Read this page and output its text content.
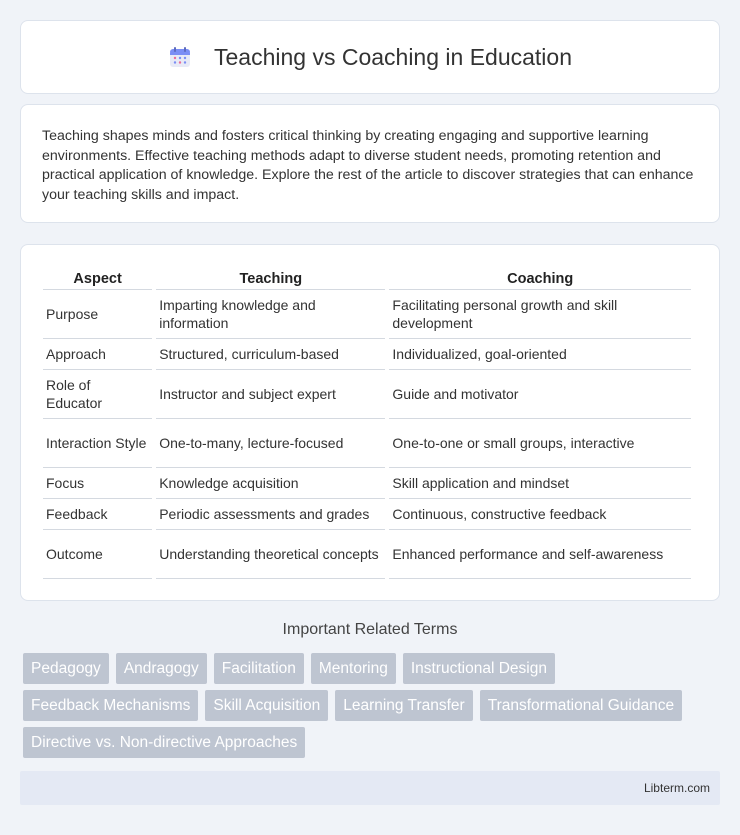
Teaching vs Coaching in Education

Teaching shapes minds and fosters critical thinking by creating engaging and supportive learning environments. Effective teaching methods adapt to diverse student needs, promoting retention and practical application of knowledge. Explore the rest of the article to discover strategies that can enhance your teaching skills and impact.

Aspect	Teaching	Coaching
Purpose	Imparting knowledge and information	Facilitating personal growth and skill development
Approach	Structured, curriculum-based	Individualized, goal-oriented
Role of Educator	Instructor and subject expert	Guide and motivator
Interaction Style	One-to-many, lecture-focused	One-to-one or small groups, interactive
Focus	Knowledge acquisition	Skill application and mindset
Feedback	Periodic assessments and grades	Continuous, constructive feedback
Outcome	Understanding theoretical concepts	Enhanced performance and self-awareness
Important Related Terms
Pedagogy	Andragogy	Facilitation	Mentoring	Instructional Design
Feedback Mechanisms	Skill Acquisition	Learning Transfer	Transformational Guidance
Directive vs. Non-directive Approaches
Libterm.com
